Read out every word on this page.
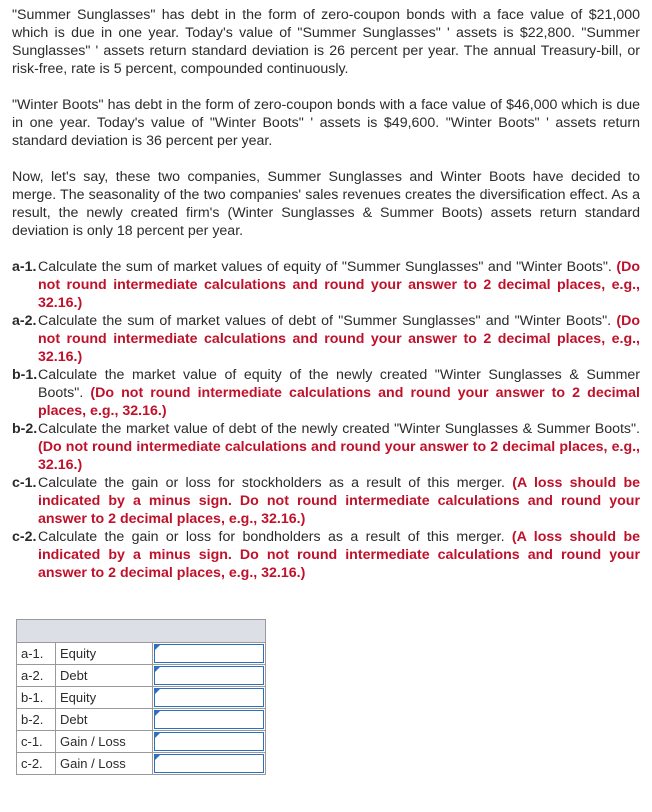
"Summer Sunglasses" has debt in the form of zero-coupon bonds with a face value of $21,000 which is due in one year. Today's value of "Summer Sunglasses" ' assets is $22,800. "Summer Sunglasses" ' assets return standard deviation is 26 percent per year. The annual Treasury-bill, or risk-free, rate is 5 percent, compounded continuously.

"Winter Boots" has debt in the form of zero-coupon bonds with a face value of $46,000 which is due in one year. Today's value of "Winter Boots" ' assets is $49,600. "Winter Boots" ' assets return standard deviation is 36 percent per year.

Now, let's say, these two companies, Summer Sunglasses and Winter Boots have decided to merge. The seasonality of the two companies' sales revenues creates the diversification effect. As a result, the newly created firm's (Winter Sunglasses & Summer Boots) assets return standard deviation is only 18 percent per year.

a-1. Calculate the sum of market values of equity of "Summer Sunglasses" and "Winter Boots". (Do not round intermediate calculations and round your answer to 2 decimal places, e.g., 32.16.)
a-2. Calculate the sum of market values of debt of "Summer Sunglasses" and "Winter Boots". (Do not round intermediate calculations and round your answer to 2 decimal places, e.g., 32.16.)
b-1. Calculate the market value of equity of the newly created "Winter Sunglasses & Summer Boots". (Do not round intermediate calculations and round your answer to 2 decimal places, e.g., 32.16.)
b-2. Calculate the market value of debt of the newly created "Winter Sunglasses & Summer Boots". (Do not round intermediate calculations and round your answer to 2 decimal places, e.g., 32.16.)
c-1. Calculate the gain or loss for stockholders as a result of this merger. (A loss should be indicated by a minus sign. Do not round intermediate calculations and round your answer to 2 decimal places, e.g., 32.16.)
c-2. Calculate the gain or loss for bondholders as a result of this merger. (A loss should be indicated by a minus sign. Do not round intermediate calculations and round your answer to 2 decimal places, e.g., 32.16.)

a-1.	Equity	

a-2.	Debt	

b-1.	Equity	

b-2.	Debt	

c-1.	Gain / Loss	

c-2.	Gain / Loss	
